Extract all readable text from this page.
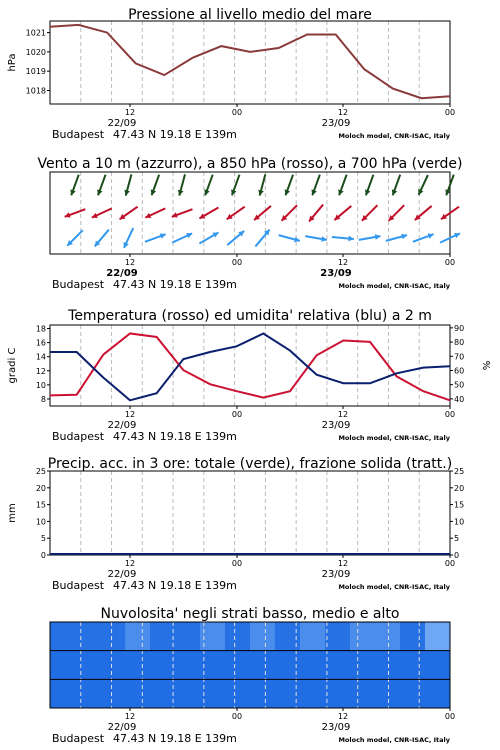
Pressione al livello medio del mare
12	00	12	00
22/09	23/09
Budapest 47.43 N 19.18 E 139m	Moloch model, CNR-ISAC, Italy
1018
1019
1020
1021
hPa
Vento a 10 m (azzurro), a 850 hPa (rosso), a 700 hPa (verde)
12	00	12	00
22/09	23/09
Budapest 47.43 N 19.18 E 139m	Moloch model, CNR-ISAC, Italy
Temperatura (rosso) ed umidita' relativa (blu) a 2 m
12	00	12	00
22/09	23/09
Budapest 47.43 N 19.18 E 139m	Moloch model, CNR-ISAC, Italy
8
10
12
14
16
18
40
50
60
70
80
90
gradi C	%
Precip. acc. in 3 ore: totale (verde), frazione solida (tratt.)
12	00	12	00
22/09	23/09
Budapest 47.43 N 19.18 E 139m	Moloch model, CNR-ISAC, Italy
0	0
5	5
10	10
15	15
20	20
25	25
mm
Nuvolosita' negli strati basso, medio e alto
12	00	12	00
22/09	23/09
Budapest 47.43 N 19.18 E 139m	Moloch model, CNR-ISAC, Italy
